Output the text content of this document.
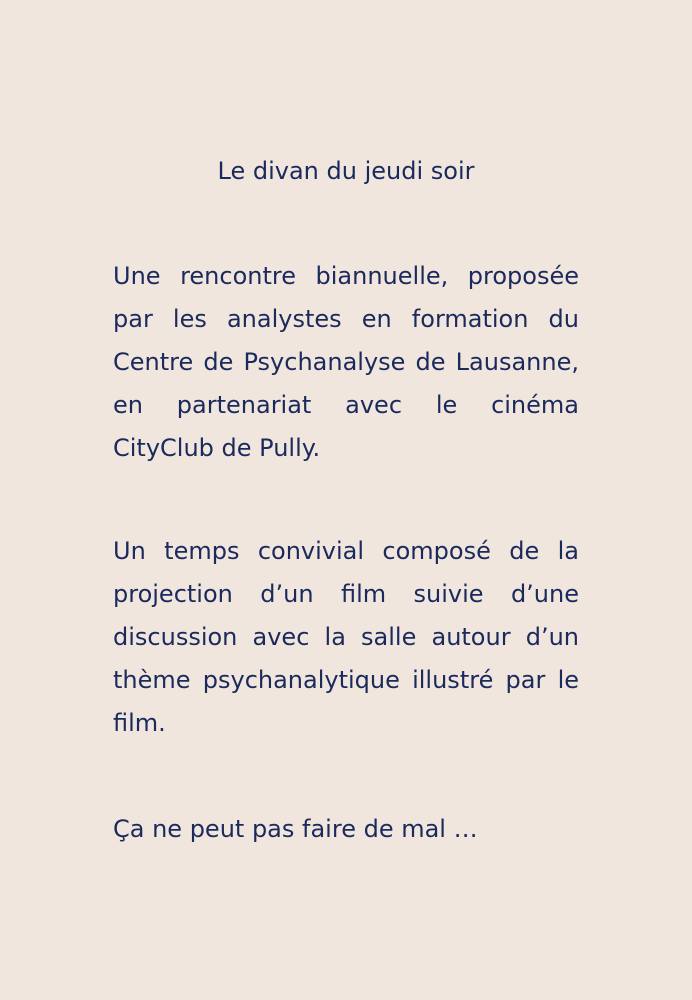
Le divan du jeudi soir

Une rencontre biannuelle, proposée par les analystes en formation du Centre de Psychanalyse de Lausanne, en partenariat avec le cinéma CityClub de Pully.

Un temps convivial composé de la projection d’un film suivie d’une discussion avec la salle autour d’un thème psychanalytique illustré par le film.

Ça ne peut pas faire de mal …
